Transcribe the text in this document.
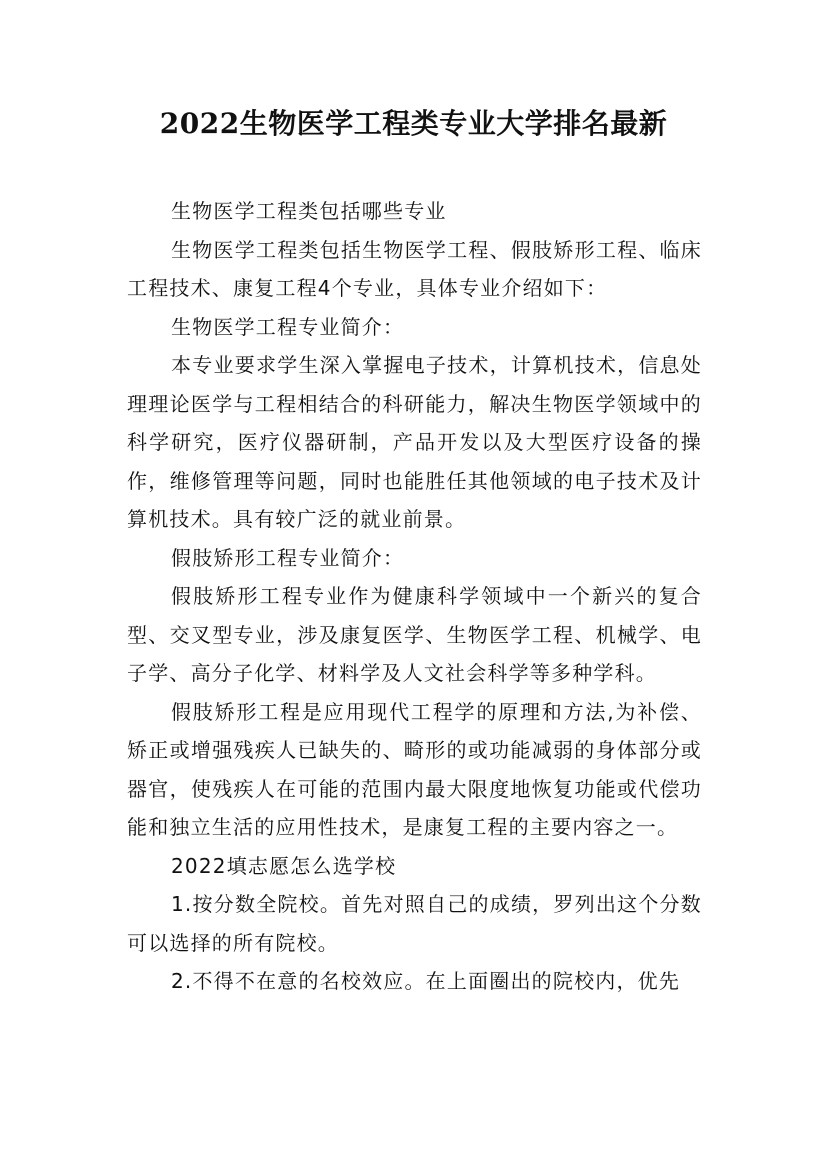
2022生物医学工程类专业大学排名最新

生物医学工程类包括哪些专业

生物医学工程类包括生物医学工程、假肢矫形工程、临床工程技术、康复工程4个专业，具体专业介绍如下：

生物医学工程专业简介：

本专业要求学生深入掌握电子技术，计算机技术，信息处理理论医学与工程相结合的科研能力，解决生物医学领域中的科学研究，医疗仪器研制，产品开发以及大型医疗设备的操作，维修管理等问题，同时也能胜任其他领域的电子技术及计算机技术。具有较广泛的就业前景。

假肢矫形工程专业简介：

假肢矫形工程专业作为健康科学领域中一个新兴的复合型、交叉型专业，涉及康复医学、生物医学工程、机械学、电子学、高分子化学、材料学及人文社会科学等多种学科。

假肢矫形工程是应用现代工程学的原理和方法,为补偿、矫正或增强残疾人已缺失的、畸形的或功能减弱的身体部分或器官，使残疾人在可能的范围内最大限度地恢复功能或代偿功能和独立生活的应用性技术，是康复工程的主要内容之一。

2022填志愿怎么选学校

1.按分数全院校。首先对照自己的成绩，罗列出这个分数可以选择的所有院校。

2.不得不在意的名校效应。在上面圈出的院校内，优先
